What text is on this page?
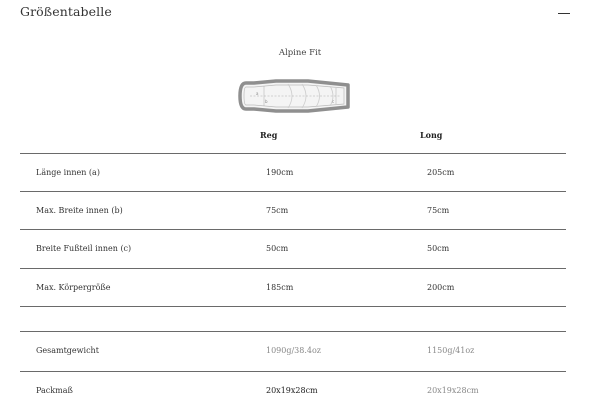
Größentabelle
Alpine Fit
a
b	c
Reg	Long
Länge innen (a)	190cm	205cm
Max. Breite innen (b)	75cm	75cm
Breite Fußteil innen (c)	50cm	50cm
Max. Körpergröße	185cm	200cm
Gesamtgewicht	1090g/38.4oz	1150g/41oz
Packmaß	20x19x28cm	20x19x28cm
